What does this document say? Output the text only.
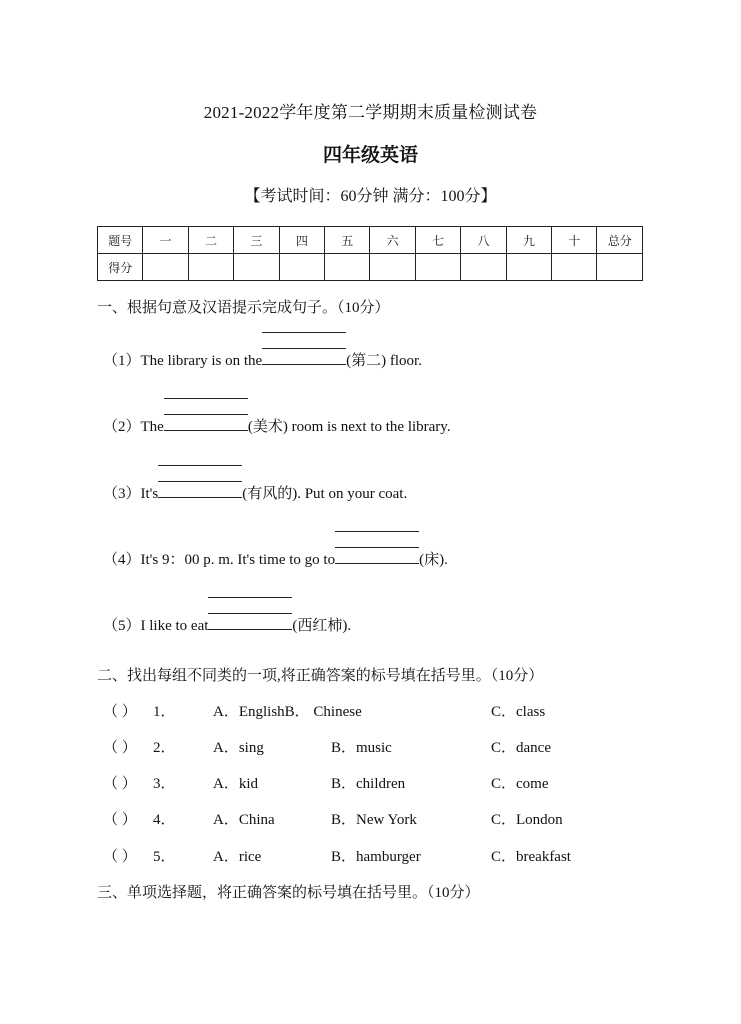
2021-2022学年度第二学期期末质量检测试卷
四年级英语
【考试时间：60分钟 满分：100分】
题号	一	二	三	四	五	六	七	八	九	十	总分
得分											
一、根据句意及汉语提示完成句子。（10分）
（1） The library is on the	(第二) floor.
（2） The	(美术) room is next to the library.
（3） It's	(有风的). Put on your coat.
（4） It's 9：00 p. m. It's time to go to	(床).
（5） I like to eat	(西红柿).
二、找出每组不同类的一项,将正确答案的标号填在括号里。（10分）
（ ） 1． A．EnglishB． Chinese	C．class
（ ） 2． A．sing	B．music	C．dance
（ ） 3． A．kid	B．children	C．come
（ ） 4． A．China	B．New York	C．London
（ ） 5． A．rice	B．hamburger	C．breakfast
三、单项选择题，将正确答案的标号填在括号里。（10分）
